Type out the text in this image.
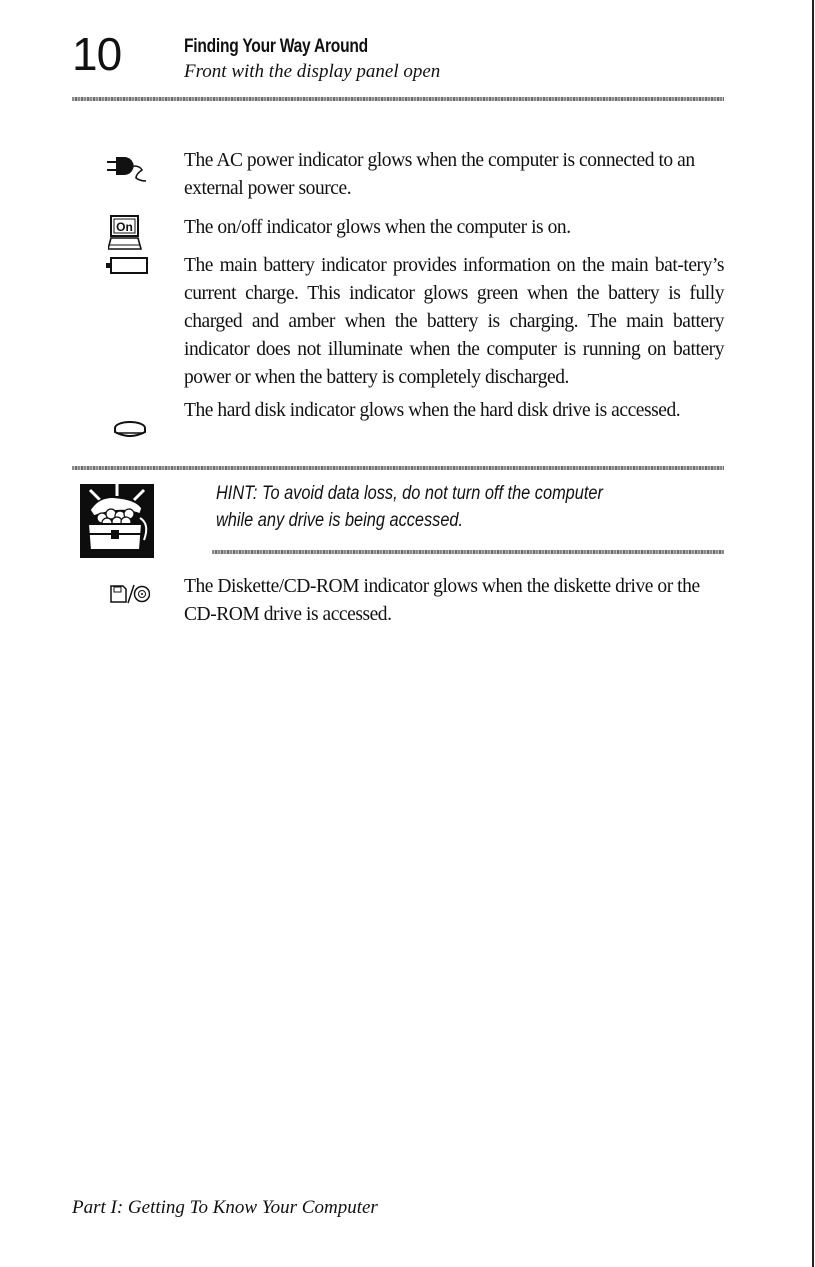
10	Finding Your Way Around
Front with the display panel open
The AC power indicator glows when the computer is connected to an external power source.
On	The on/off indicator glows when the computer is on.
The main battery indicator provides information on the main bat-tery’s current charge. This indicator glows green when the battery is fully charged and amber when the battery is charging. The main battery indicator does not illuminate when the computer is running on battery power or when the battery is completely discharged.
The hard disk indicator glows when the hard disk drive is accessed.
HINT: To avoid data loss, do not turn off the computer while any drive is being accessed.
The Diskette/CD-ROM indicator glows when the diskette drive or the CD-ROM drive is accessed.
Part I: Getting To Know Your Computer
